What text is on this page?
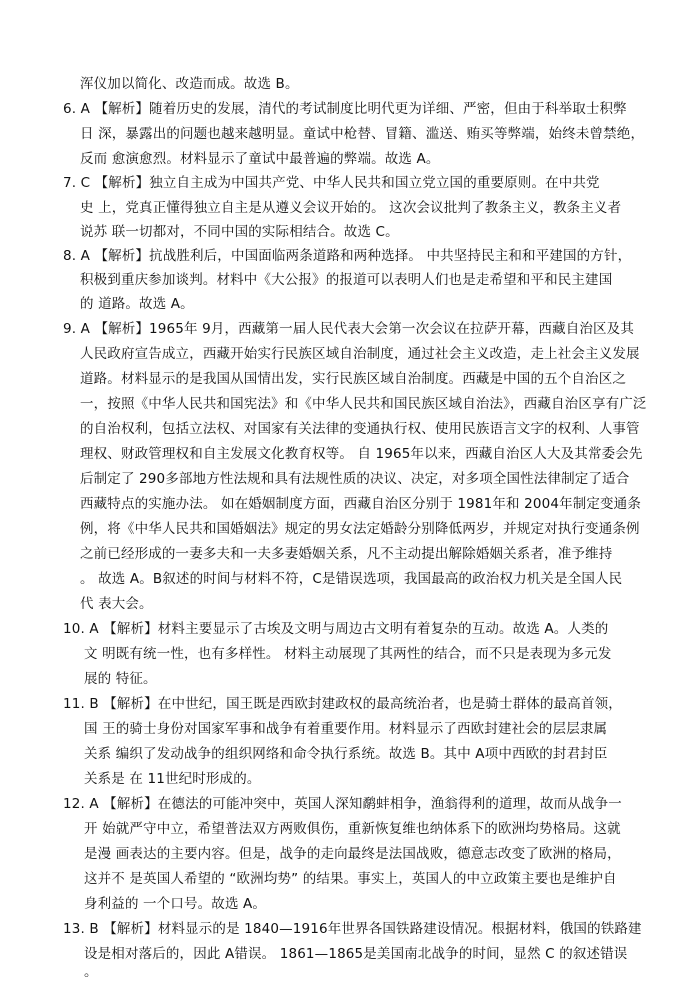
浑仪加以简化、改造而成。故选 B。
6. A 【解析】随着历史的发展，清代的考试制度比明代更为详细、严密，但由于科举取士积弊
日 深，暴露出的问题也越来越明显。童试中枪替、冒籍、滥送、贿买等弊端，始终未曾禁绝，
反而 愈演愈烈。材料显示了童试中最普遍的弊端。故选 A。
7. C 【解析】独立自主成为中国共产党、中华人民共和国立党立国的重要原则。在中共党
史 上，党真正懂得独立自主是从遵义会议开始的。 这次会议批判了教条主义，教条主义者
说苏 联一切都对，不同中国的实际相结合。故选 C。
8. A 【解析】抗战胜利后，中国面临两条道路和两种选择。 中共坚持民主和和平建国的方针，
积极到重庆参加谈判。材料中《大公报》的报道可以表明人们也是走希望和平和民主建国
的 道路。故选 A。
9. A 【解析】1965年 9月，西藏第一届人民代表大会第一次会议在拉萨开幕，西藏自治区及其
人民政府宣告成立，西藏开始实行民族区域自治制度，通过社会主义改造，走上社会主义发展
道路。材料显示的是我国从国情出发，实行民族区域自治制度。西藏是中国的五个自治区之
一，按照《中华人民共和国宪法》和《中华人民共和国民族区域自治法》，西藏自治区享有广泛
的自治权利，包括立法权、对国家有关法律的变通执行权、使用民族语言文字的权利、人事管
理权、财政管理权和自主发展文化教育权等。 自 1965年以来，西藏自治区人大及其常委会先
后制定了 290多部地方性法规和具有法规性质的决议、决定，对多项全国性法律制定了适合
西藏特点的实施办法。 如在婚姻制度方面，西藏自治区分别于 1981年和 2004年制定变通条
例，将《中华人民共和国婚姻法》规定的男女法定婚龄分别降低两岁，并规定对执行变通条例
之前已经形成的一妻多夫和一夫多妻婚姻关系，凡不主动提出解除婚姻关系者，准予维持
。 故选 A。B叙述的时间与材料不符，C是错误选项，我国最高的政治权力机关是全国人民
代 表大会。
10. A 【解析】材料主要显示了古埃及文明与周边古文明有着复杂的互动。故选 A。人类的
文 明既有统一性，也有多样性。 材料主动展现了其两性的结合，而不只是表现为多元发
展的 特征。
11. B 【解析】在中世纪，国王既是西欧封建政权的最高统治者，也是骑士群体的最高首领，
国 王的骑士身份对国家军事和战争有着重要作用。材料显示了西欧封建社会的层层隶属
关系 编织了发动战争的组织网络和命令执行系统。故选 B。其中 A项中西欧的封君封臣
关系是 在 11世纪时形成的。
12. A 【解析】在德法的可能冲突中，英国人深知鹬蚌相争，渔翁得利的道理，故而从战争一
开 始就严守中立，希望普法双方两败俱伤，重新恢复维也纳体系下的欧洲均势格局。这就
是漫 画表达的主要内容。但是，战争的走向最终是法国战败，德意志改变了欧洲的格局，
这并不 是英国人希望的 “欧洲均势” 的结果。事实上，英国人的中立政策主要也是维护自
身利益的 一个口号。故选 A。
13. B 【解析】材料显示的是 1840—1916年世界各国铁路建设情况。根据材料，俄国的铁路建
设是相对落后的，因此 A错误。 1861—1865是美国南北战争的时间，显然 C 的叙述错误
。
